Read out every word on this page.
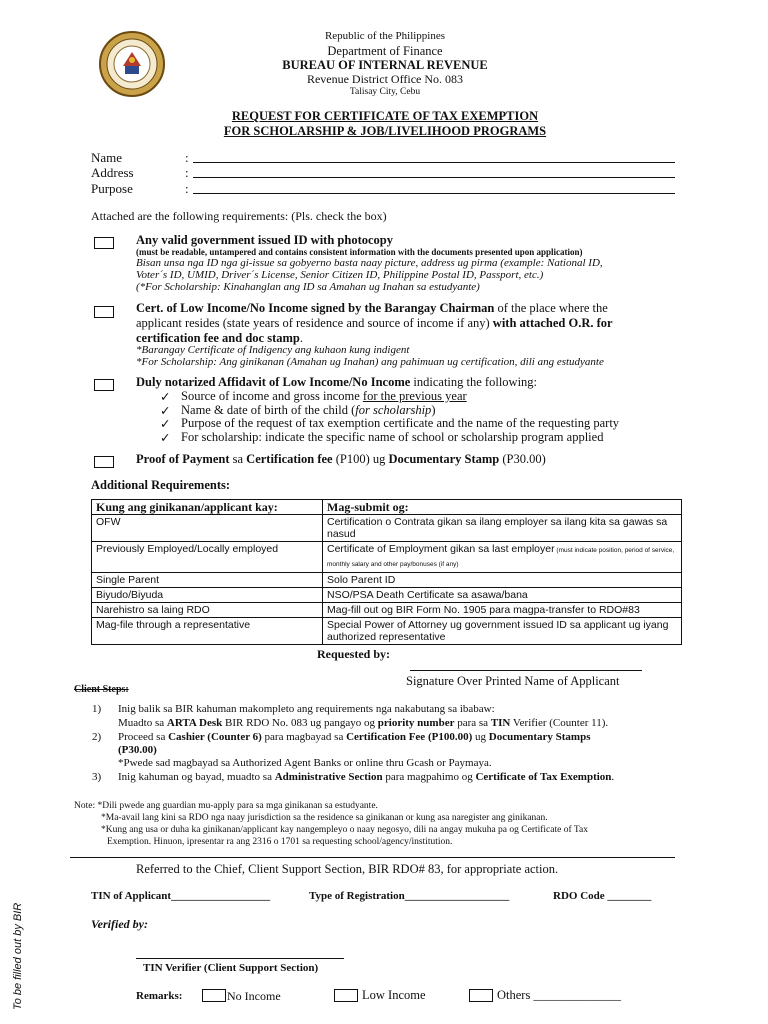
Republic of the Philippines
Department of Finance
BUREAU OF INTERNAL REVENUE
Revenue District Office No. 083
Talisay City, Cebu
REQUEST FOR CERTIFICATE OF TAX EXEMPTION
FOR SCHOLARSHIP & JOB/LIVELIHOOD PROGRAMS
Name	:
Address	:
Purpose	:
Attached are the following requirements: (Pls. check the box)
Any valid government issued ID with photocopy
(must be readable, untampered and contains consistent information with the documents presented upon application)
Bisan unsa nga ID nga gi-issue sa gobyerno basta naay picture, address ug pirma (example: National ID,
Voter´s ID, UMID, Driver´s License, Senior Citizen ID, Philippine Postal ID, Passport, etc.)
(*For Scholarship: Kinahanglan ang ID sa Amahan ug Inahan sa estudyante)
Cert. of Low Income/No Income signed by the Barangay Chairman of the place where the
applicant resides (state years of residence and source of income if any) with attached O.R. for
certification fee and doc stamp.
*Barangay Certificate of Indigency ang kuhaon kung indigent
*For Scholarship: Ang ginikanan (Amahan ug Inahan) ang pahimuan ug certification, dili ang estudyante
Duly notarized Affidavit of Low Income/No Income indicating the following:
✓ Source of income and gross income for the previous year
✓ Name & date of birth of the child (for scholarship)
✓ Purpose of the request of tax exemption certificate and the name of the requesting party
✓ For scholarship: indicate the specific name of school or scholarship program applied
Proof of Payment sa Certification fee (P100) ug Documentary Stamp (P30.00)
Additional Requirements:
Kung ang ginikanan/applicant kay:	Mag-submit og:
OFW	Certification o Contrata gikan sa ilang employer sa ilang kita sa gawas sa nasud
Previously Employed/Locally employed	Certificate of Employment gikan sa last employer (must indicate position, period of service, monthly salary and other pay/bonuses (if any)
Single Parent	Solo Parent ID
Biyudo/Biyuda	NSO/PSA Death Certificate sa asawa/bana
Narehistro sa laing RDO	Mag-fill out og BIR Form No. 1905 para magpa-transfer to RDO#83
Mag-file through a representative	Special Power of Attorney ug government issued ID sa applicant ug iyang authorized representative
Requested by:
Signature Over Printed Name of Applicant
Client Steps:
1) Inig balik sa BIR kahuman makompleto ang requirements nga nakabutang sa ibabaw:
Muadto sa ARTA Desk BIR RDO No. 083 ug pangayo og priority number para sa TIN Verifier (Counter 11).
2) Proceed sa Cashier (Counter 6) para magbayad sa Certification Fee (P100.00) ug Documentary Stamps
(P30.00)
*Pwede sad magbayad sa Authorized Agent Banks or online thru Gcash or Paymaya.
3) Inig kahuman og bayad, muadto sa Administrative Section para magpahimo og Certificate of Tax Exemption.
Note: *Dili pwede ang guardian mu-apply para sa mga ginikanan sa estudyante.
*Ma-avail lang kini sa RDO nga naay jurisdiction sa the residence sa ginikanan or kung asa naregister ang ginikanan.
*Kung ang usa or duha ka ginikanan/applicant kay nangempleyo o naay negosyo, dili na angay mukuha pa og Certificate of Tax
Exemption. Hinuon, ipresentar ra ang 2316 o 1701 sa requesting school/agency/institution.
Referred to the Chief, Client Support Section, BIR RDO# 83, for appropriate action.
TIN of Applicant__________________	Type of Registration___________________	RDO Code ________
Verified by:
TIN Verifier (Client Support Section)
Remarks:	No Income	Low Income	Others ______________
To be filled out by BIR
